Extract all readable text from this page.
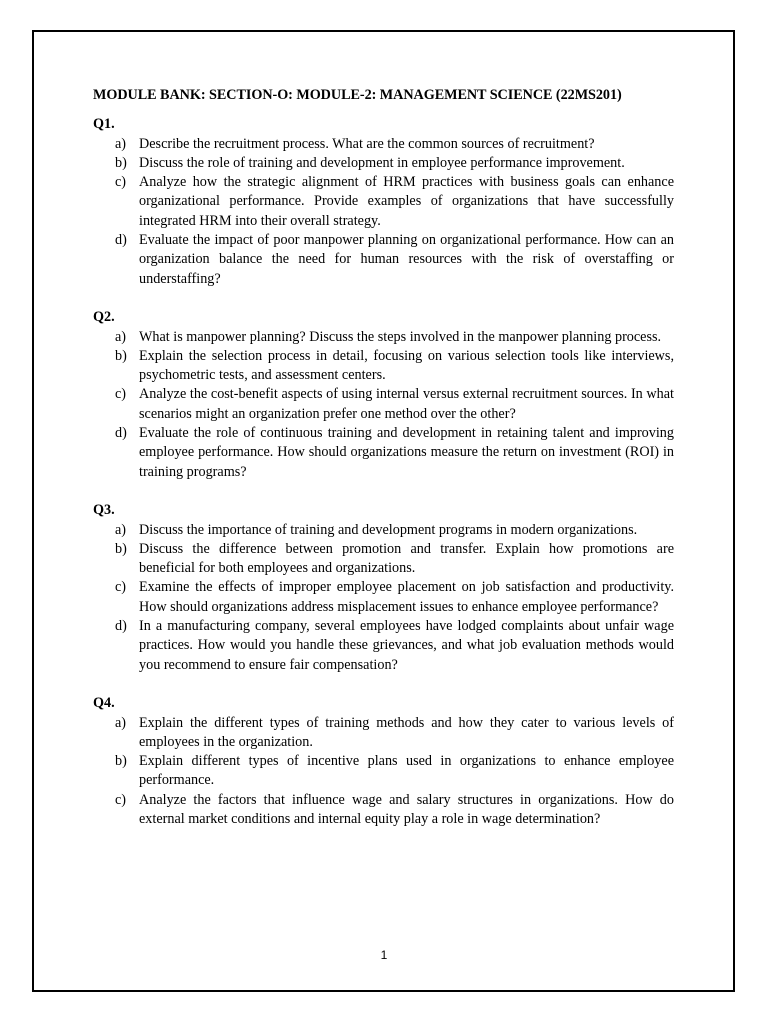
MODULE BANK: SECTION-O: MODULE-2: MANAGEMENT SCIENCE (22MS201)
Q1.
a) Describe the recruitment process. What are the common sources of recruitment?
b) Discuss the role of training and development in employee performance improvement.
c) Analyze how the strategic alignment of HRM practices with business goals can enhance organizational performance. Provide examples of organizations that have successfully integrated HRM into their overall strategy.
d) Evaluate the impact of poor manpower planning on organizational performance. How can an organization balance the need for human resources with the risk of overstaffing or understaffing?
Q2.
a) What is manpower planning? Discuss the steps involved in the manpower planning process.
b) Explain the selection process in detail, focusing on various selection tools like interviews, psychometric tests, and assessment centers.
c) Analyze the cost-benefit aspects of using internal versus external recruitment sources. In what scenarios might an organization prefer one method over the other?
d) Evaluate the role of continuous training and development in retaining talent and improving employee performance. How should organizations measure the return on investment (ROI) in training programs?
Q3.
a) Discuss the importance of training and development programs in modern organizations.
b) Discuss the difference between promotion and transfer. Explain how promotions are beneficial for both employees and organizations.
c) Examine the effects of improper employee placement on job satisfaction and productivity. How should organizations address misplacement issues to enhance employee performance?
d) In a manufacturing company, several employees have lodged complaints about unfair wage practices. How would you handle these grievances, and what job evaluation methods would you recommend to ensure fair compensation?
Q4.
a) Explain the different types of training methods and how they cater to various levels of employees in the organization.
b) Explain different types of incentive plans used in organizations to enhance employee performance.
c) Analyze the factors that influence wage and salary structures in organizations. How do external market conditions and internal equity play a role in wage determination?
1
